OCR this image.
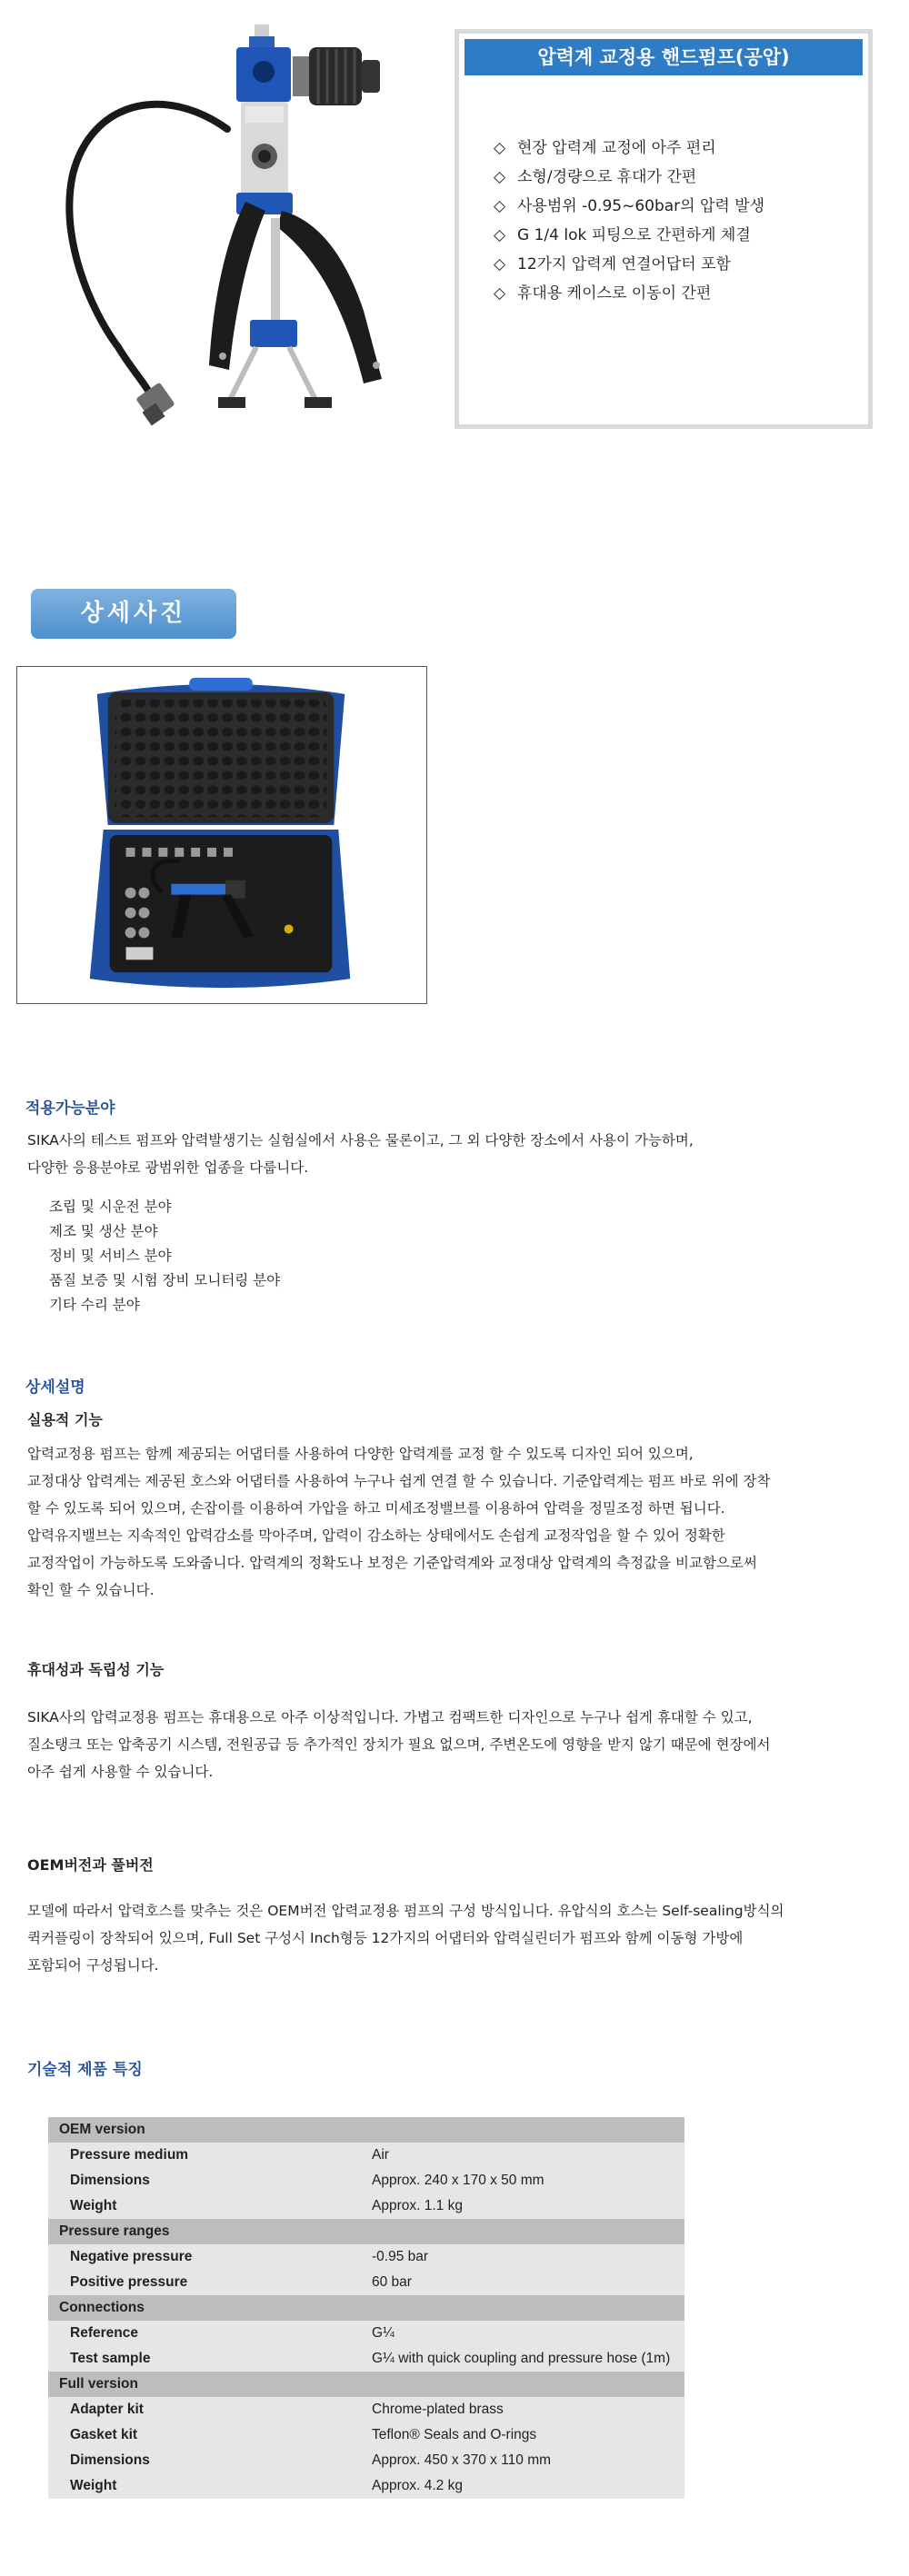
압력계 교정용 핸드펌프(공압)
◇ 현장 압력계 교정에 아주 편리
◇ 소형/경량으로 휴대가 간편
◇ 사용범위 -0.95~60bar의 압력 발생
◇ G 1/4 lok 피팅으로 간편하게 체결
◇ 12가지 압력계 연결어답터 포함
◇ 휴대용 케이스로 이동이 간편
상세사진
적용가능분야
SIKA사의 테스트 펌프와 압력발생기는 실험실에서 사용은 물론이고, 그 외 다양한 장소에서 사용이 가능하며,
다양한 응용분야로 광범위한 업종을 다룹니다.
조립 및 시운전 분야
제조 및 생산 분야
정비 및 서비스 분야
품질 보증 및 시험 장비 모니터링 분야
기타 수리 분야
상세설명
실용적 기능
압력교정용 펌프는 함께 제공되는 어댑터를 사용하여 다양한 압력계를 교정 할 수 있도록 디자인 되어 있으며,
교정대상 압력계는 제공된 호스와 어댑터를 사용하여 누구나 쉽게 연결 할 수 있습니다. 기준압력계는 펌프 바로 위에 장착
할 수 있도록 되어 있으며, 손잡이를 이용하여 가압을 하고 미세조정밸브를 이용하여 압력을 정밀조정 하면 됩니다.
압력유지밸브는 지속적인 압력감소를 막아주며, 압력이 감소하는 상태에서도 손쉽게 교정작업을 할 수 있어 정확한
교정작업이 가능하도록 도와줍니다. 압력계의 정확도나 보정은 기준압력계와 교정대상 압력계의 측정값을 비교함으로써
확인 할 수 있습니다.
휴대성과 독립성 기능
SIKA사의 압력교정용 펌프는 휴대용으로 아주 이상적입니다. 가볍고 컴팩트한 디자인으로 누구나 쉽게 휴대할 수 있고,
질소탱크 또는 압축공기 시스템, 전원공급 등 추가적인 장치가 필요 없으며, 주변온도에 영향을 받지 않기 때문에 현장에서
아주 쉽게 사용할 수 있습니다.
OEM버전과 풀버전
모델에 따라서 압력호스를 맞추는 것은 OEM버전 압력교정용 펌프의 구성 방식입니다. 유압식의 호스는 Self-sealing방식의
퀵커플링이 장착되어 있으며, Full Set 구성시 Inch형등 12가지의 어댑터와 압력실린더가 펌프와 함께 이동형 가방에
포함되어 구성됩니다.
기술적 제품 특징
OEM version	
Pressure medium	Air
Dimensions	Approx. 240 x 170 x 50 mm
Weight	Approx. 1.1 kg
Pressure ranges	
Negative pressure	-0.95 bar
Positive pressure	60 bar
Connections	
Reference	G¼
Test sample	G¼ with quick coupling and pressure hose (1m)
Full version	
Adapter kit	Chrome-plated brass
Gasket kit	Teflon® Seals and O-rings
Dimensions	Approx. 450 x 370 x 110 mm
Weight	Approx. 4.2 kg
